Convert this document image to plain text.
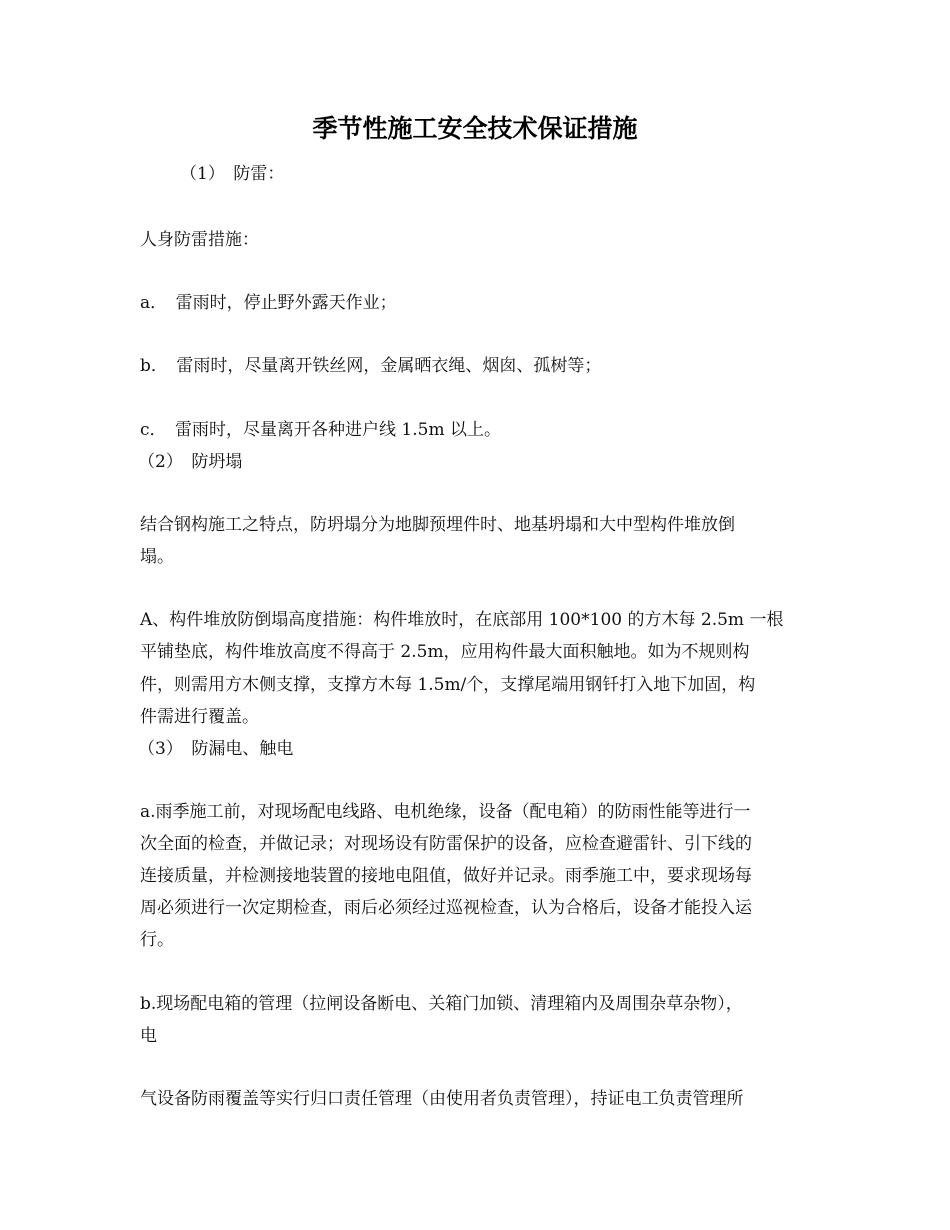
季节性施工安全技术保证措施

（1）　防雷：

人身防雷措施：

a．　雷雨时，停止野外露天作业；

b．　雷雨时，尽量离开铁丝网，金属晒衣绳、烟囱、孤树等；

c．　雷雨时，尽量离开各种进户线 1.5m 以上。

（2）　防坍塌

结合钢构施工之特点，防坍塌分为地脚预埋件时、地基坍塌和大中型构件堆放倒

塌。

A、构件堆放防倒塌高度措施：构件堆放时，在底部用 100*100 的方木每 2.5m 一根

平铺垫底，构件堆放高度不得高于 2.5m，应用构件最大面积触地。如为不规则构

件，则需用方木侧支撑，支撑方木每 1.5m/个，支撑尾端用钢钎打入地下加固，构

件需进行覆盖。

（3）　防漏电、触电

a.雨季施工前，对现场配电线路、电机绝缘，设备（配电箱）的防雨性能等进行一

次全面的检查，并做记录；对现场设有防雷保护的设备，应检查避雷针、引下线的

连接质量，并检测接地装置的接地电阻值，做好并记录。雨季施工中，要求现场每

周必须进行一次定期检查，雨后必须经过巡视检查，认为合格后，设备才能投入运

行。

b.现场配电箱的管理（拉闸设备断电、关箱门加锁、清理箱内及周围杂草杂物），

电

气设备防雨覆盖等实行归口责任管理（由使用者负责管理），持证电工负责管理所
